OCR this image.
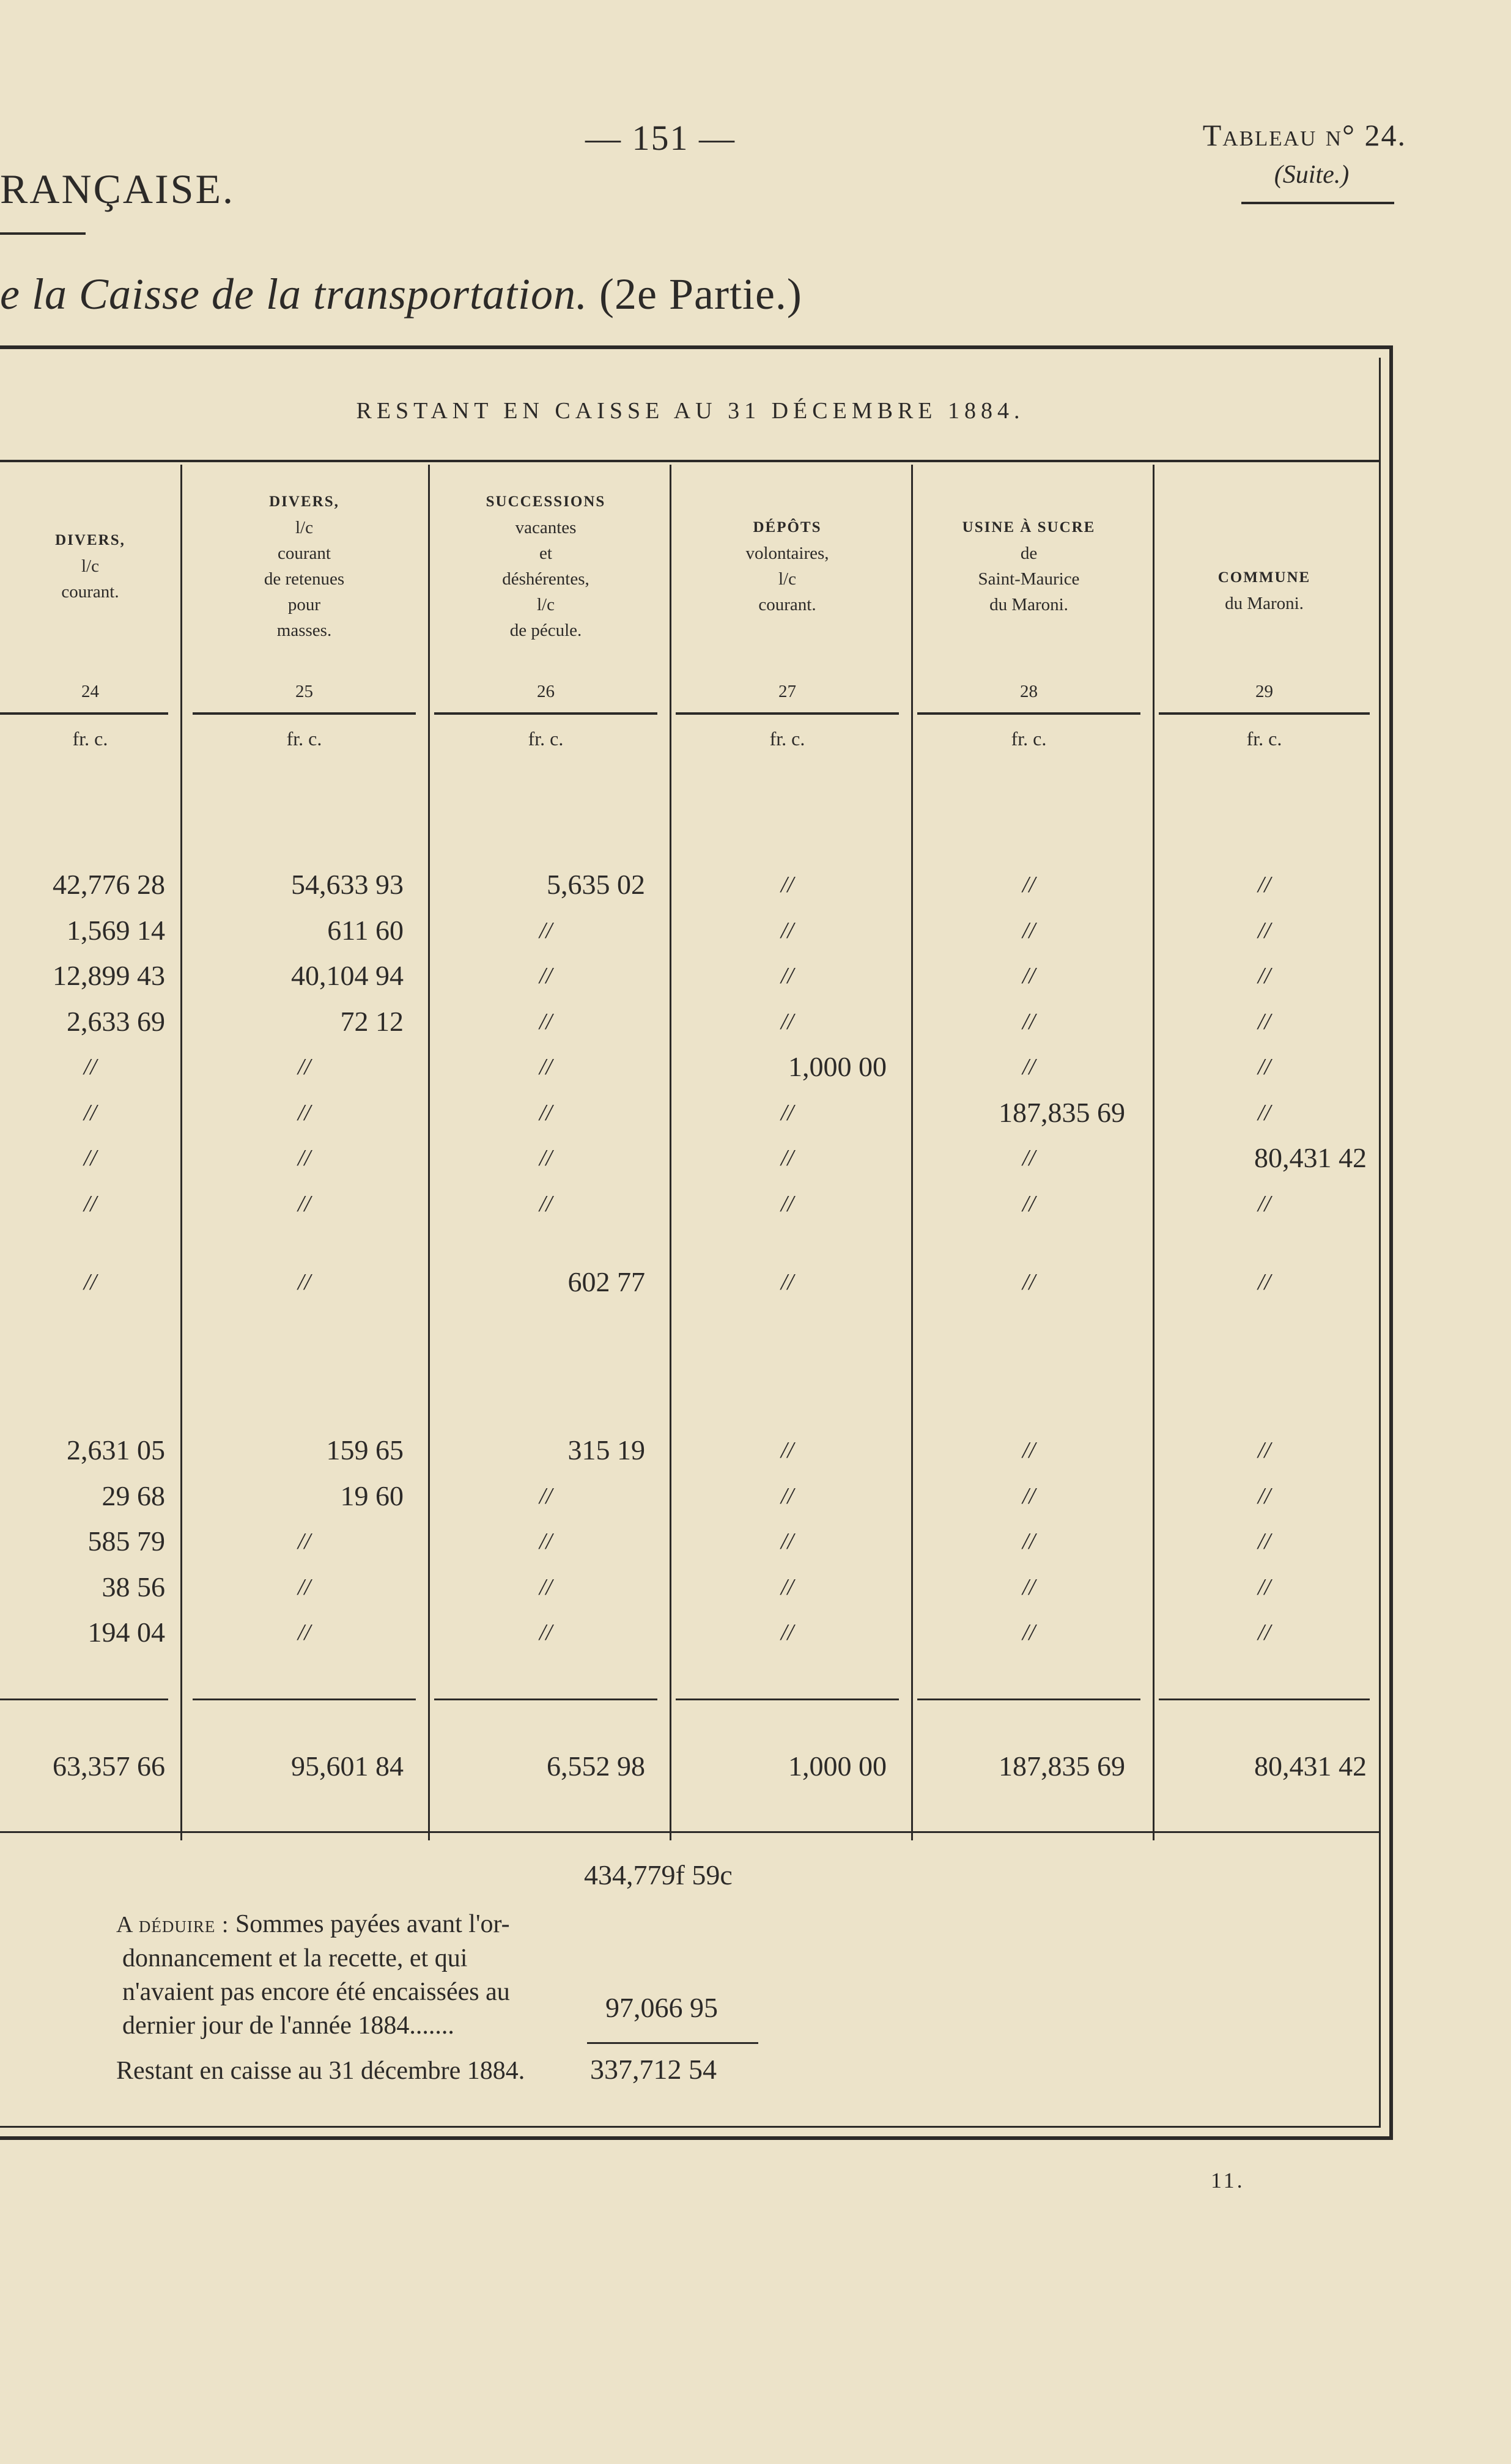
— 151 —
RANÇAISE.
Tableau n° 24.
(Suite.)
e la Caisse de la transportation. (2e Partie.)
RESTANT EN CAISSE AU 31 DÉCEMBRE 1884.
DIVERS,
l/c
courant.
24
fr. c.
DIVERS,
l/c
courant
de retenues
pour
masses.
25
fr. c.
SUCCESSIONS
vacantes
et
déshérentes,
l/c
de pécule.
26
fr. c.
DÉPÔTS
volontaires,
l/c
courant.
27
fr. c.
USINE À SUCRE
de
Saint-Maurice
du Maroni.
28
fr. c.
COMMUNE
du Maroni.
29
fr. c.
42,776 28	54,633 93	5,635 02	//	//	//
1,569 14	611 60	//	//	//	//
12,899 43	40,104 94	//	//	//	//
2,633 69	72 12	//	//	//	//
//	//	//	1,000 00	//	//
//	//	//	//	187,835 69	//
//	//	//	//	//	80,431 42
//	//	//	//	//	//
//	//	602 77	//	//	//
2,631 05	159 65	315 19	//	//	//
29 68	19 60	//	//	//	//
585 79	//	//	//	//	//
38 56	//	//	//	//	//
194 04	//	//	//	//	//
63,357 66	95,601 84	6,552 98	1,000 00	187,835 69	80,431 42
434,779f 59c
A déduire : Sommes payées avant l'or-
donnancement et la recette, et qui
n'avaient pas encore été encaissées au
dernier jour de l'année 1884.......
97,066 95
Restant en caisse au 31 décembre 1884. 337,712 54
11.
